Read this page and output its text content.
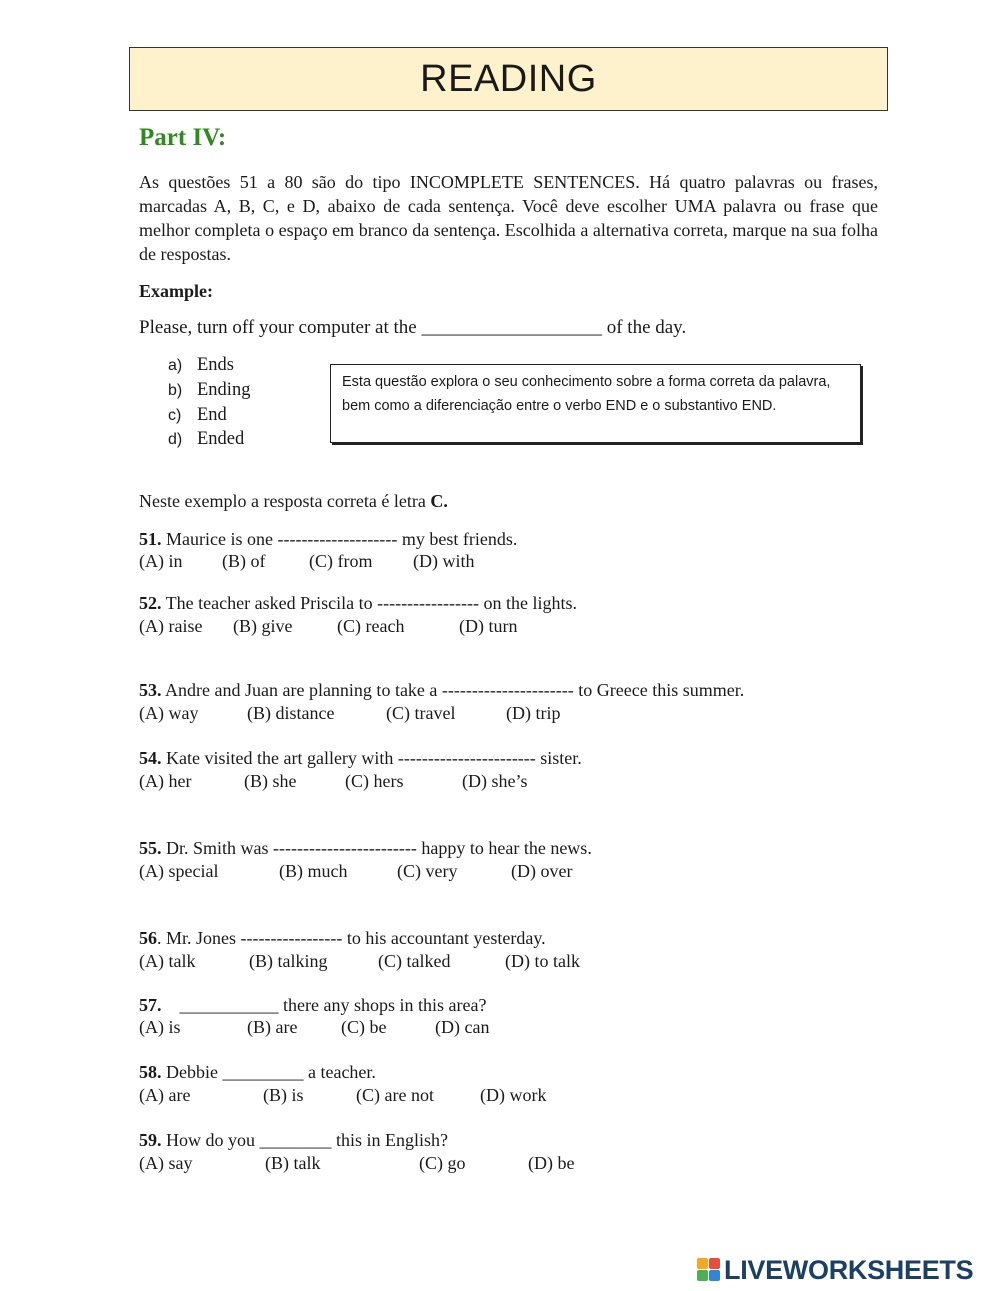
READING
Part IV:
As questões 51 a 80 são do tipo INCOMPLETE SENTENCES. Há quatro palavras ou frases, marcadas A, B, C, e D, abaixo de cada sentença. Você deve escolher UMA palavra ou frase que melhor completa o espaço em branco da sentença. Escolhida a alternativa correta, marque na sua folha de respostas.
Example:
Please, turn off your computer at the ___________________ of the day.
a) Ends
b) Ending
c) End
d) Ended
Esta questão explora o seu conhecimento sobre a forma correta da palavra, bem como a diferenciação entre o verbo END e o substantivo END.
Neste exemplo a resposta correta é letra C.
51. Maurice is one -------------------- my best friends.
(A) in (B) of (C) from (D) with
52. The teacher asked Priscila to ----------------- on the lights.
(A) raise (B) give (C) reach	(D) turn
53. Andre and Juan are planning to take a ---------------------- to Greece this summer.
(A) way	(B) distance	(C) travel	(D) trip
54. Kate visited the art gallery with ----------------------- sister.
(A) her	(B) she	(C) hers	(D) she’s
55. Dr. Smith was ------------------------ happy to hear the news.
(A) special	(B) much	(C) very	(D) over
56. Mr. Jones ----------------- to his accountant yesterday.
(A) talk	(B) talking	(C) talked	(D) to talk
57.    ___________ there any shops in this area?
(A) is	(B) are (C) be	(D) can
58. Debbie _________ a teacher.
(A) are	(B) is	(C) are not	(D) work
59. How do you ________ this in English?
(A) say	(B) talk	(C) go	(D) be
LIVEWORKSHEETS
